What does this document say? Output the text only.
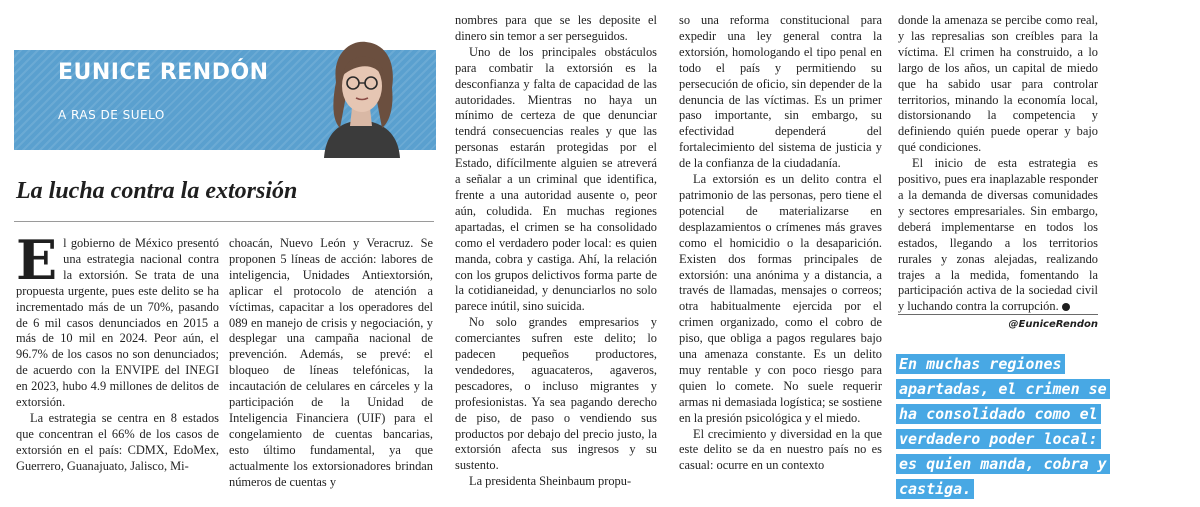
EUNICE RENDÓN
A RAS DE SUELO
La lucha contra la extorsión

El gobierno de México presentó una estrategia nacional contra la extorsión. Se trata de una propuesta urgente, pues este delito se ha incrementado más de un 70%, pasando de 6 mil casos denunciados en 2015 a más de 10 mil en 2024. Peor aún, el 96.7% de los casos no son denunciados; de acuerdo con la ENVIPE del INEGI en 2023, hubo 4.9 millones de delitos de extorsión.

La estrategia se centra en 8 estados que concentran el 66% de los casos de extorsión en el país: CDMX, EdoMex, Guerrero, Guanajuato, Jalisco, Mi-

choacán, Nuevo León y Veracruz. Se proponen 5 líneas de acción: labores de inteligencia, Unidades Antiextorsión, aplicar el protocolo de atención a víctimas, capacitar a los operadores del 089 en manejo de crisis y negociación, y desplegar una campaña nacional de prevención. Además, se prevé: el bloqueo de líneas telefónicas, la incautación de celulares en cárceles y la participación de la Unidad de Inteligencia Financiera (UIF) para el congelamiento de cuentas bancarias, esto último fundamental, ya que actualmente los extorsionadores brindan números de cuentas y

nombres para que se les deposite el dinero sin temor a ser perseguidos.

Uno de los principales obstáculos para combatir la extorsión es la desconfianza y falta de capacidad de las autoridades. Mientras no haya un mínimo de certeza de que denunciar tendrá consecuencias reales y que las personas estarán protegidas por el Estado, difícilmente alguien se atreverá a señalar a un criminal que identifica, frente a una autoridad ausente o, peor aún, coludida. En muchas regiones apartadas, el crimen se ha consolidado como el verdadero poder local: es quien manda, cobra y castiga. Ahí, la relación con los grupos delictivos forma parte de la cotidianeidad, y denunciarlos no solo parece inútil, sino suicida.

No solo grandes empresarios y comerciantes sufren este delito; lo padecen pequeños productores, vendedores, aguacateros, agaveros, pescadores, o incluso migrantes y profesionistas. Ya sea pagando derecho de piso, de paso o vendiendo sus productos por debajo del precio justo, la extorsión afecta sus ingresos y su sustento.

La presidenta Sheinbaum propu-

so una reforma constitucional para expedir una ley general contra la extorsión, homologando el tipo penal en todo el país y permitiendo su persecución de oficio, sin depender de la denuncia de las víctimas. Es un primer paso importante, sin embargo, su efectividad dependerá del fortalecimiento del sistema de justicia y de la confianza de la ciudadanía.

La extorsión es un delito contra el patrimonio de las personas, pero tiene el potencial de materializarse en desplazamientos o crímenes más graves como el homicidio o la desaparición. Existen dos formas principales de extorsión: una anónima y a distancia, a través de llamadas, mensajes o correos; otra habitualmente ejercida por el crimen organizado, como el cobro de piso, que obliga a pagos regulares bajo una amenaza constante. Es un delito muy rentable y con poco riesgo para quien lo comete. No suele requerir armas ni demasiada logística; se sostiene en la presión psicológica y el miedo.

El crecimiento y diversidad en la que este delito se da en nuestro país no es casual: ocurre en un contexto

donde la amenaza se percibe como real, y las represalias son creíbles para la víctima. El crimen ha construido, a lo largo de los años, un capital de miedo que ha sabido usar para controlar territorios, minando la economía local, distorsionando la competencia y definiendo quién puede operar y bajo qué condiciones.

El inicio de esta estrategia es positivo, pues era inaplazable responder a la demanda de diversas comunidades y sectores empresariales. Sin embargo, deberá implementarse en todos los estados, llegando a los territorios rurales y zonas alejadas, realizando trajes a la medida, fomentando la participación activa de la sociedad civil y luchando contra la corrupción.

@EuniceRendon
En muchas regiones apartadas, el crimen se ha consolidado como el verdadero poder local: es quien manda, cobra y castiga.
